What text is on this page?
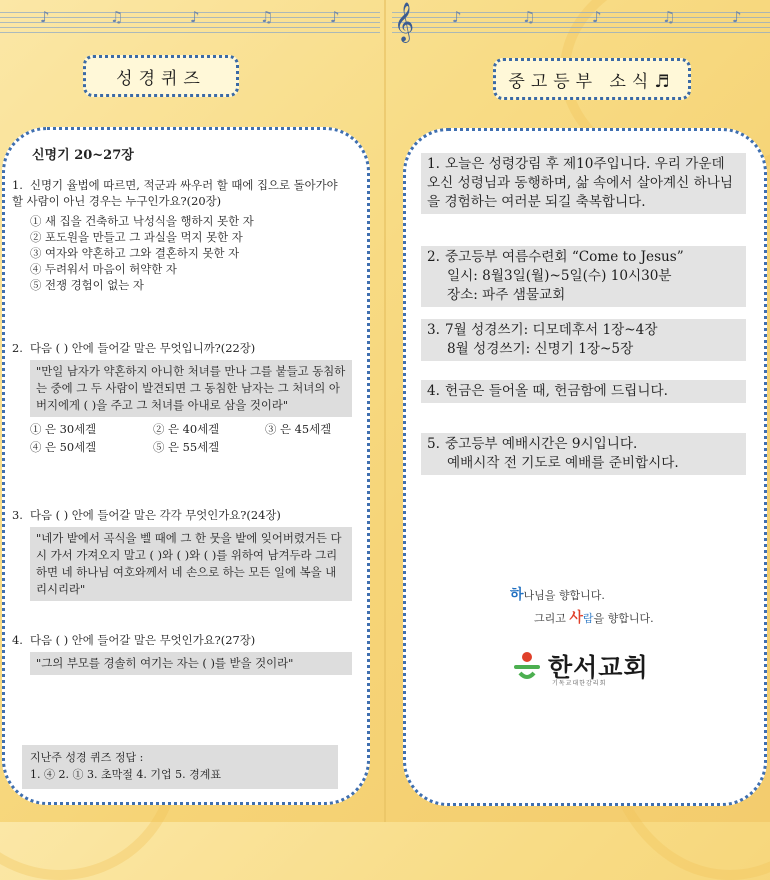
♪	♫	♪	♫	♪
성경퀴즈
신명기 20~27장
1. 신명기 율법에 따르면, 적군과 싸우러 할 때에 집으로 돌아가야 할 사람이 아닌 경우는 누구인가요?(20장)
① 새 집을 건축하고 낙성식을 행하지 못한 자
② 포도원을 만들고 그 과실을 먹지 못한 자
③ 여자와 약혼하고 그와 결혼하지 못한 자
④ 두려워서 마음이 허약한 자
⑤ 전쟁 경험이 없는 자
2. 다음 ( ) 안에 들어갈 말은 무엇입니까?(22장)
"만일 남자가 약혼하지 아니한 처녀를 만나 그를 붙들고 동침하는 중에 그 두 사람이 발견되면 그 동침한 남자는 그 처녀의 아버지에게 ( )을 주고 그 처녀를 아내로 삼을 것이라"
① 은 30세겔	② 은 40세겔	③ 은 45세겔
④ 은 50세겔	⑤ 은 55세겔
3. 다음 ( ) 안에 들어갈 말은 각각 무엇인가요?(24장)
"네가 밭에서 곡식을 벨 때에 그 한 뭇을 밭에 잊어버렸거든 다시 가서 가져오지 말고 ( )와 ( )와 ( )를 위하여 남겨두라 그리하면 네 하나님 여호와께서 네 손으로 하는 모든 일에 복을 내리시리라"
4. 다음 ( ) 안에 들어갈 말은 무엇인가요?(27장)
"그의 부모를 경솔히 여기는 자는 ( )를 받을 것이라"
지난주 성경 퀴즈 정답 :
1. ④ 2. ① 3. 초막절 4. 기업 5. 경계표
𝄞	♪	♫	♪	♫	♪
중고등부 소식♬
1. 오늘은 성령강림 후 제10주입니다. 우리 가운데 오신 성령님과 동행하며, 삶 속에서 살아계신 하나님을 경험하는 여러분 되길 축복합니다.
2. 중고등부 여름수련회 “Come to Jesus”
일시: 8월3일(월)~5일(수) 10시30분
장소: 파주 샘물교회
3. 7월 성경쓰기: 디모데후서 1장~4장
8월 성경쓰기: 신명기 1장~5장
4. 헌금은 들어올 때, 헌금함에 드립니다.
5. 중고등부 예배시간은 9시입니다.
예배시작 전 기도로 예배를 준비합시다.
하나님을 향합니다.
그리고 사람을 향합니다.
한서교회
기독교대한감리회
